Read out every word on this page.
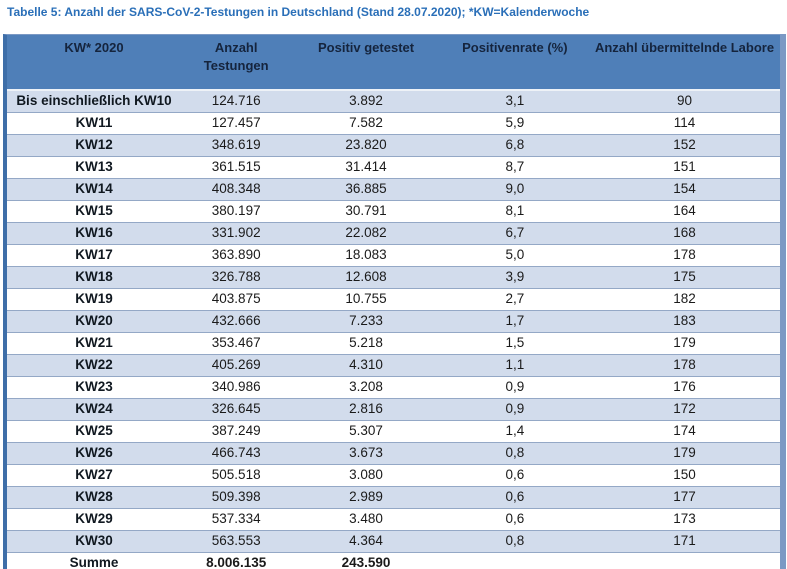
Tabelle 5: Anzahl der SARS-CoV-2-Testungen in Deutschland (Stand 28.07.2020); *KW=Kalenderwoche
KW* 2020	Anzahl Testungen	Positiv getestet	Positivenrate (%)	Anzahl übermittelnde Labore
Bis einschließlich KW10	124.716	3.892	3,1	90
KW11	127.457	7.582	5,9	114
KW12	348.619	23.820	6,8	152
KW13	361.515	31.414	8,7	151
KW14	408.348	36.885	9,0	154
KW15	380.197	30.791	8,1	164
KW16	331.902	22.082	6,7	168
KW17	363.890	18.083	5,0	178
KW18	326.788	12.608	3,9	175
KW19	403.875	10.755	2,7	182
KW20	432.666	7.233	1,7	183
KW21	353.467	5.218	1,5	179
KW22	405.269	4.310	1,1	178
KW23	340.986	3.208	0,9	176
KW24	326.645	2.816	0,9	172
KW25	387.249	5.307	1,4	174
KW26	466.743	3.673	0,8	179
KW27	505.518	3.080	0,6	150
KW28	509.398	2.989	0,6	177
KW29	537.334	3.480	0,6	173
KW30	563.553	4.364	0,8	171
Summe	8.006.135	243.590		
